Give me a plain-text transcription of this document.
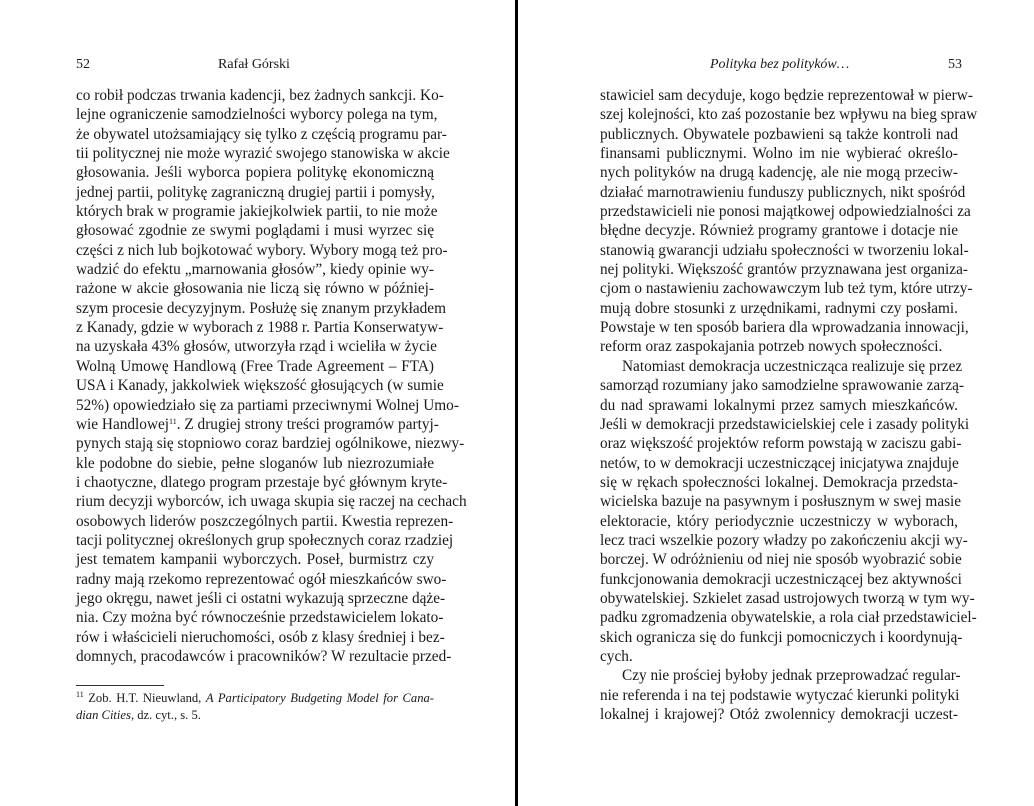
52	Rafał Górski
co robił podczas trwania kadencji, bez żadnych sankcji. Ko-
lejne ograniczenie samodzielności wyborcy polega na tym,
że obywatel utożsamiający się tylko z częścią programu par-
tii politycznej nie może wyrazić swojego stanowiska w akcie
głosowania. Jeśli wyborca popiera politykę ekonomiczną
jednej partii, politykę zagraniczną drugiej partii i pomysły,
których brak w programie jakiejkolwiek partii, to nie może
głosować zgodnie ze swymi poglądami i musi wyrzec się
części z nich lub bojkotować wybory. Wybory mogą też pro-
wadzić do efektu „marnowania głosów”, kiedy opinie wy-
rażone w akcie głosowania nie liczą się równo w później-
szym procesie decyzyjnym. Posłużę się znanym przykładem
z Kanady, gdzie w wyborach z 1988 r. Partia Konserwatyw-
na uzyskała 43% głosów, utworzyła rząd i wcieliła w życie
Wolną Umowę Handlową (Free Trade Agreement – FTA)
USA i Kanady, jakkolwiek większość głosujących (w sumie
52%) opowiedziało się za partiami przeciwnymi Wolnej Umo-
wie Handlowej$^{11}$. Z drugiej strony treści programów partyj-
pynych stają się stopniowo coraz bardziej ogólnikowe, niezwy-
kle podobne do siebie, pełne sloganów lub niezrozumiałe
i chaotyczne, dlatego program przestaje być głównym kryte-
rium decyzji wyborców, ich uwaga skupia się raczej na cechach
osobowych liderów poszczególnych partii. Kwestia reprezen-
tacji politycznej określonych grup społecznych coraz rzadziej
jest tematem kampanii wyborczych. Poseł, burmistrz czy
radny mają rzekomo reprezentować ogół mieszkańców swo-
jego okręgu, nawet jeśli ci ostatni wykazują sprzeczne dąże-
nia. Czy można być równocześnie przedstawicielem lokato-
rów i właścicieli nieruchomości, osób z klasy średniej i bez-
domnych, pracodawców i pracowników? W rezultacie przed-
$^{11}$ Zob. H.T. Nieuwland, A Participatory Budgeting Model for Cana-
dian Cities, dz. cyt., s. 5.
Polityka bez polityków…	53
stawiciel sam decyduje, kogo będzie reprezentował w pierw-
szej kolejności, kto zaś pozostanie bez wpływu na bieg spraw
publicznych. Obywatele pozbawieni są także kontroli nad
finansami publicznymi. Wolno im nie wybierać określo-
nych polityków na drugą kadencję, ale nie mogą przeciw-
działać marnotrawieniu funduszy publicznych, nikt spośród
przedstawicieli nie ponosi majątkowej odpowiedzialności za
błędne decyzje. Również programy grantowe i dotacje nie
stanowią gwarancji udziału społeczności w tworzeniu lokal-
nej polityki. Większość grantów przyznawana jest organiza-
cjom o nastawieniu zachowawczym lub też tym, które utrzy-
mują dobre stosunki z urzędnikami, radnymi czy posłami.
Powstaje w ten sposób bariera dla wprowadzania innowacji,
reform oraz zaspokajania potrzeb nowych społeczności.
Natomiast demokracja uczestnicząca realizuje się przez
samorząd rozumiany jako samodzielne sprawowanie zarzą-
du nad sprawami lokalnymi przez samych mieszkańców.
Jeśli w demokracji przedstawicielskiej cele i zasady polityki
oraz większość projektów reform powstają w zaciszu gabi-
netów, to w demokracji uczestniczącej inicjatywa znajduje
się w rękach społeczności lokalnej. Demokracja przedsta-
wicielska bazuje na pasywnym i posłusznym w swej masie
elektoracie, który periodycznie uczestniczy w wyborach,
lecz traci wszelkie pozory władzy po zakończeniu akcji wy-
borczej. W odróżnieniu od niej nie sposób wyobrazić sobie
funkcjonowania demokracji uczestniczącej bez aktywności
obywatelskiej. Szkielet zasad ustrojowych tworzą w tym wy-
padku zgromadzenia obywatelskie, a rola ciał przedstawiciel-
skich ogranicza się do funkcji pomocniczych i koordynują-
cych.
Czy nie prościej byłoby jednak przeprowadzać regular-
nie referenda i na tej podstawie wytyczać kierunki polityki
lokalnej i krajowej? Otóż zwolennicy demokracji uczest-
